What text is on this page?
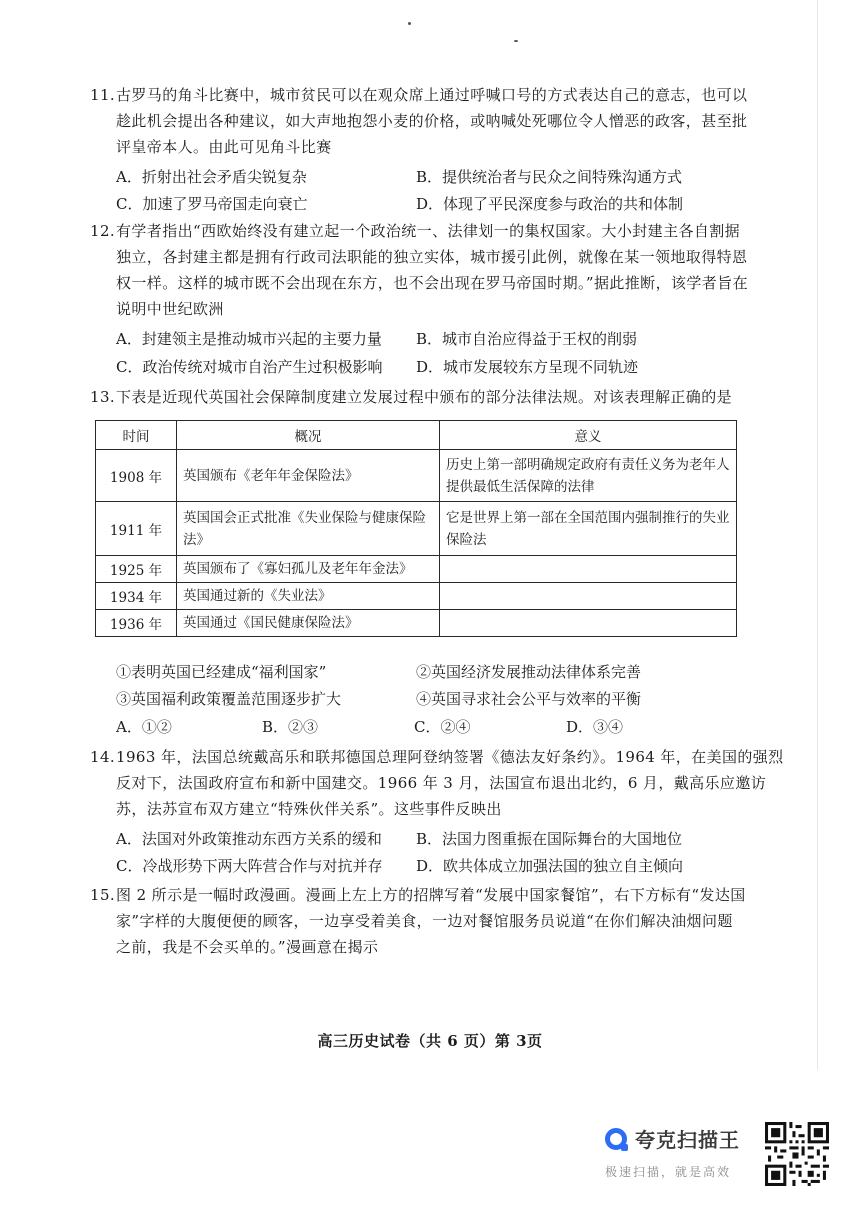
11.古罗马的角斗比赛中，城市贫民可以在观众席上通过呼喊口号的方式表达自己的意志，也可以
趁此机会提出各种建议，如大声地抱怨小麦的价格，或呐喊处死哪位令人憎恶的政客，甚至批
评皇帝本人。由此可见角斗比赛
A．折射出社会矛盾尖锐复杂	B．提供统治者与民众之间特殊沟通方式
C．加速了罗马帝国走向衰亡	D．体现了平民深度参与政治的共和体制
12.有学者指出“西欧始终没有建立起一个政治统一、法律划一的集权国家。大小封建主各自割据
独立，各封建主都是拥有行政司法职能的独立实体，城市援引此例，就像在某一领地取得特恩
权一样。这样的城市既不会出现在东方，也不会出现在罗马帝国时期。”据此推断，该学者旨在
说明中世纪欧洲
A．封建领主是推动城市兴起的主要力量 B．城市自治应得益于王权的削弱
C．政治传统对城市自治产生过积极影响 D．城市发展较东方呈现不同轨迹
13.下表是近现代英国社会保障制度建立发展过程中颁布的部分法律法规。对该表理解正确的是
时间	概况	意义
1908 年	英国颁布《老年年金保险法》	历史上第一部明确规定政府有责任义务为老年人提供最低生活保障的法律
1911 年	英国国会正式批准《失业保险与健康保险法》	它是世界上第一部在全国范围内强制推行的失业保险法
1925 年	英国颁布了《寡妇孤儿及老年年金法》	
1934 年	英国通过新的《失业法》	
1936 年	英国通过《国民健康保险法》	
①表明英国已经建成“福利国家”	②英国经济发展推动法律体系完善
③英国福利政策覆盖范围逐步扩大	④英国寻求社会公平与效率的平衡
A．①②	B．②③	C．②④	D．③④
14.1963 年，法国总统戴高乐和联邦德国总理阿登纳签署《德法友好条约》。1964 年，在美国的强烈
反对下，法国政府宣布和新中国建交。1966 年 3 月，法国宣布退出北约，6 月，戴高乐应邀访
苏，法苏宣布双方建立“特殊伙伴关系”。这些事件反映出
A．法国对外政策推动东西方关系的缓和 B．法国力图重振在国际舞台的大国地位
C．冷战形势下两大阵营合作与对抗并存 D．欧共体成立加强法国的独立自主倾向
15.图 2 所示是一幅时政漫画。漫画上左上方的招牌写着“发展中国家餐馆”，右下方标有“发达国
家”字样的大腹便便的顾客，一边享受着美食，一边对餐馆服务员说道“在你们解决油烟问题
之前，我是不会买单的。”漫画意在揭示
高三历史试卷（共 6 页）第 3页
夸克扫描王
极速扫描，就是高效
